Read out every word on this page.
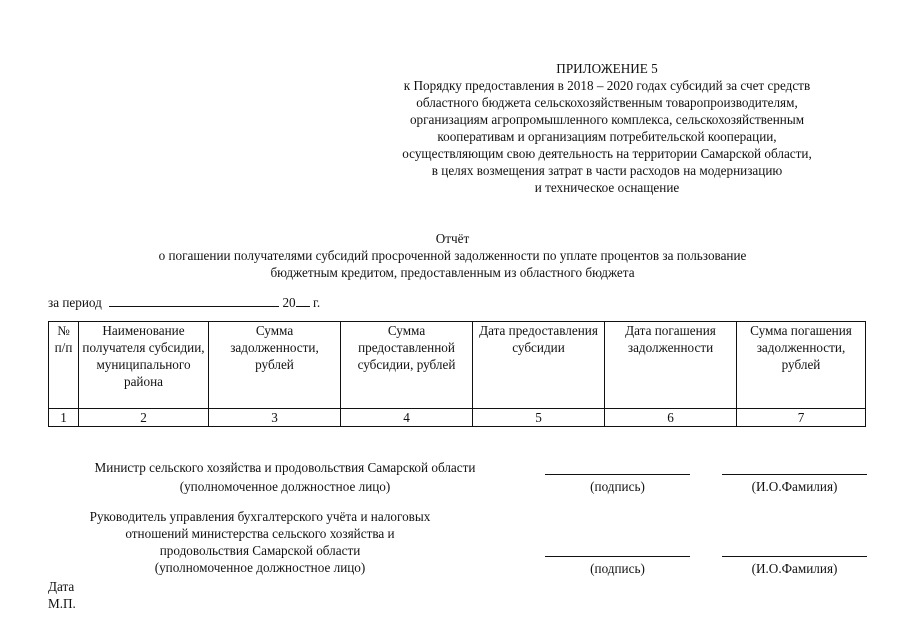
ПРИЛОЖЕНИЕ 5
к Порядку предоставления в 2018 – 2020 годах субсидий за счет средств
областного бюджета сельскохозяйственным товаропроизводителям,
организациям агропромышленного комплекса, сельскохозяйственным
кооперативам и организациям потребительской кооперации,
осуществляющим свою деятельность на территории Самарской области,
в целях возмещения затрат в части расходов на модернизацию
и техническое оснащение
Отчёт
о погашении получателями субсидий просроченной задолженности по уплате процентов за пользование
бюджетным кредитом, предоставленным из областного бюджета
за период	20 г.
№ п/п	Наименование получателя субсидии, муниципального района	Сумма задолженности, рублей	Сумма предоставленной субсидии, рублей	Дата предоставления субсидии	Дата погашения задолженности	Сумма погашения задолженности, рублей
1	2	3	4	5	6	7
Министр сельского хозяйства и продовольствия Самарской области
(уполномоченное должностное лицо)	(подпись)	(И.О.Фамилия)
Руководитель управления бухгалтерского учёта и налоговых
отношений министерства сельского хозяйства и
продовольствия Самарской области
(уполномоченное должностное лицо)	(подпись)	(И.О.Фамилия)
Дата
М.П.
